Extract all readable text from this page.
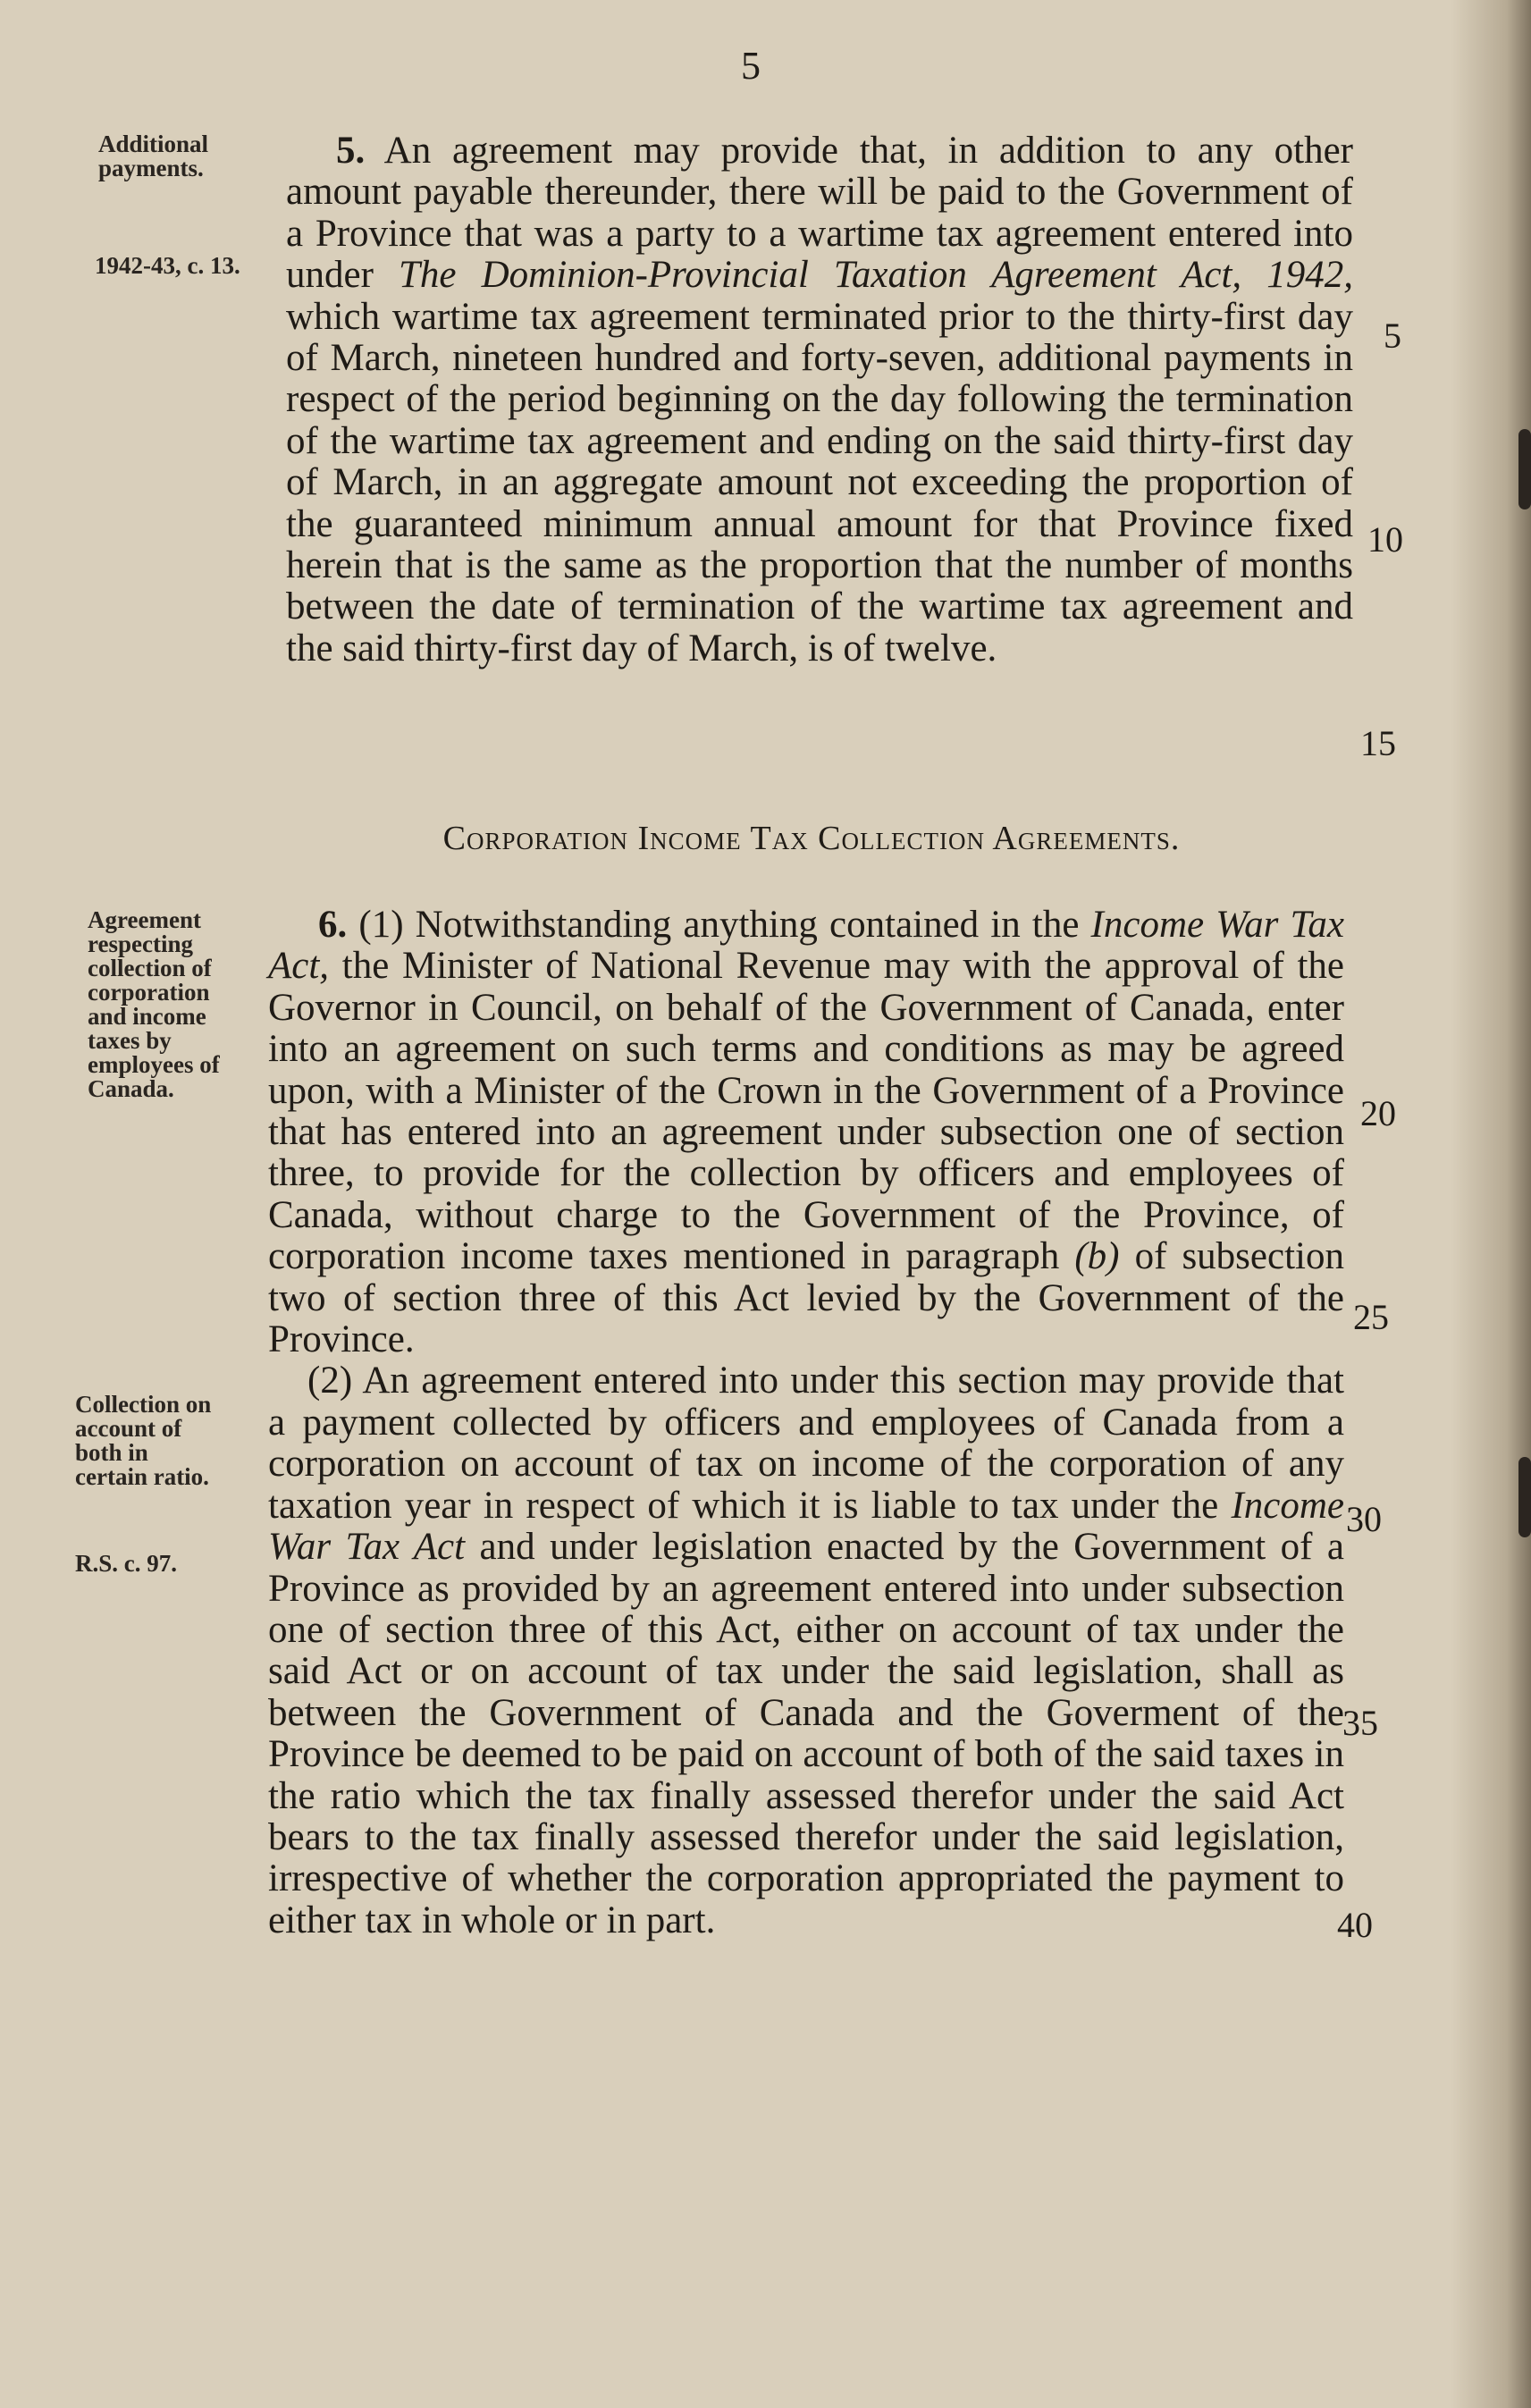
5
Additional
payments.
1942-43, c. 13.
Agreement
respecting
collection of
corporation
and income
taxes by
employees of
Canada.
Collection on
account of
both in
certain ratio.
R.S. c. 97.

5. An agreement may provide that, in addition to any other amount payable thereunder, there will be paid to the Government of a Province that was a party to a wartime tax agreement entered into under The Dominion-Provincial Taxation Agreement Act, 1942, which wartime tax agreement terminated prior to the thirty-first day of March, nineteen hundred and forty-seven, additional payments in respect of the period beginning on the day following the termination of the wartime tax agreement and ending on the said thirty-first day of March, in an aggregate amount not exceeding the proportion of the guaranteed minimum annual amount for that Province fixed herein that is the same as the proportion that the number of months between the date of termination of the wartime tax agreement and the said thirty-first day of March, is of twelve.

Corporation Income Tax Collection Agreements.

6. (1) Notwithstanding anything contained in the Income War Tax Act, the Minister of National Revenue may with the approval of the Governor in Council, on behalf of the Government of Canada, enter into an agreement on such terms and conditions as may be agreed upon, with a Minister of the Crown in the Government of a Province that has entered into an agreement under subsection one of section three, to provide for the collection by officers and employees of Canada, without charge to the Government of the Province, of corporation income taxes mentioned in paragraph (b) of subsection two of section three of this Act levied by the Government of the Province.

(2) An agreement entered into under this section may provide that a payment collected by officers and employees of Canada from a corporation on account of tax on income of the corporation of any taxation year in respect of which it is liable to tax under the Income War Tax Act and under legislation enacted by the Government of a Province as provided by an agreement entered into under subsection one of section three of this Act, either on account of tax under the said Act or on account of tax under the said legislation, shall as between the Government of Canada and the Goverment of the Province be deemed to be paid on account of both of the said taxes in the ratio which the tax finally assessed therefor under the said Act bears to the tax finally assessed therefor under the said legislation, irrespective of whether the corporation appropriated the payment to either tax in whole or in part.

5
10
15
20
25
30
35
40
